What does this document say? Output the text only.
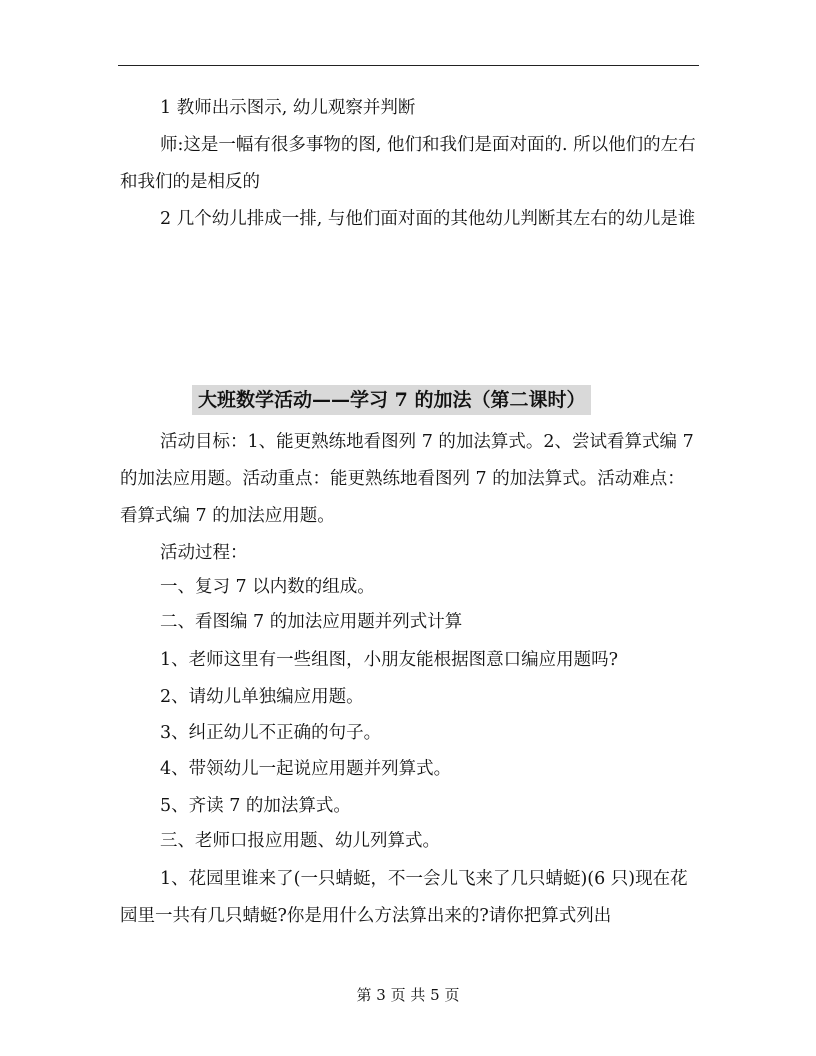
1 教师出示图示, 幼儿观察并判断

师:这是一幅有很多事物的图, 他们和我们是面对面的. 所以他们的左右和我们的是相反的

2 几个幼儿排成一排, 与他们面对面的其他幼儿判断其左右的幼儿是谁

大班数学活动——学习 7 的加法（第二课时）

活动目标：1、能更熟练地看图列 7 的加法算式。2、尝试看算式编 7 的加法应用题。活动重点：能更熟练地看图列 7 的加法算式。活动难点：看算式编 7 的加法应用题。

活动过程：

一、复习 7 以内数的组成。

二、看图编 7 的加法应用题并列式计算

1、老师这里有一些组图，小朋友能根据图意口编应用题吗?

2、请幼儿单独编应用题。

3、纠正幼儿不正确的句子。

4、带领幼儿一起说应用题并列算式。

5、齐读 7 的加法算式。

三、老师口报应用题、幼儿列算式。

1、花园里谁来了(一只蜻蜓，不一会儿飞来了几只蜻蜓)(6 只)现在花园里一共有几只蜻蜓?你是用什么方法算出来的?请你把算式列出

第 3 页 共 5 页
